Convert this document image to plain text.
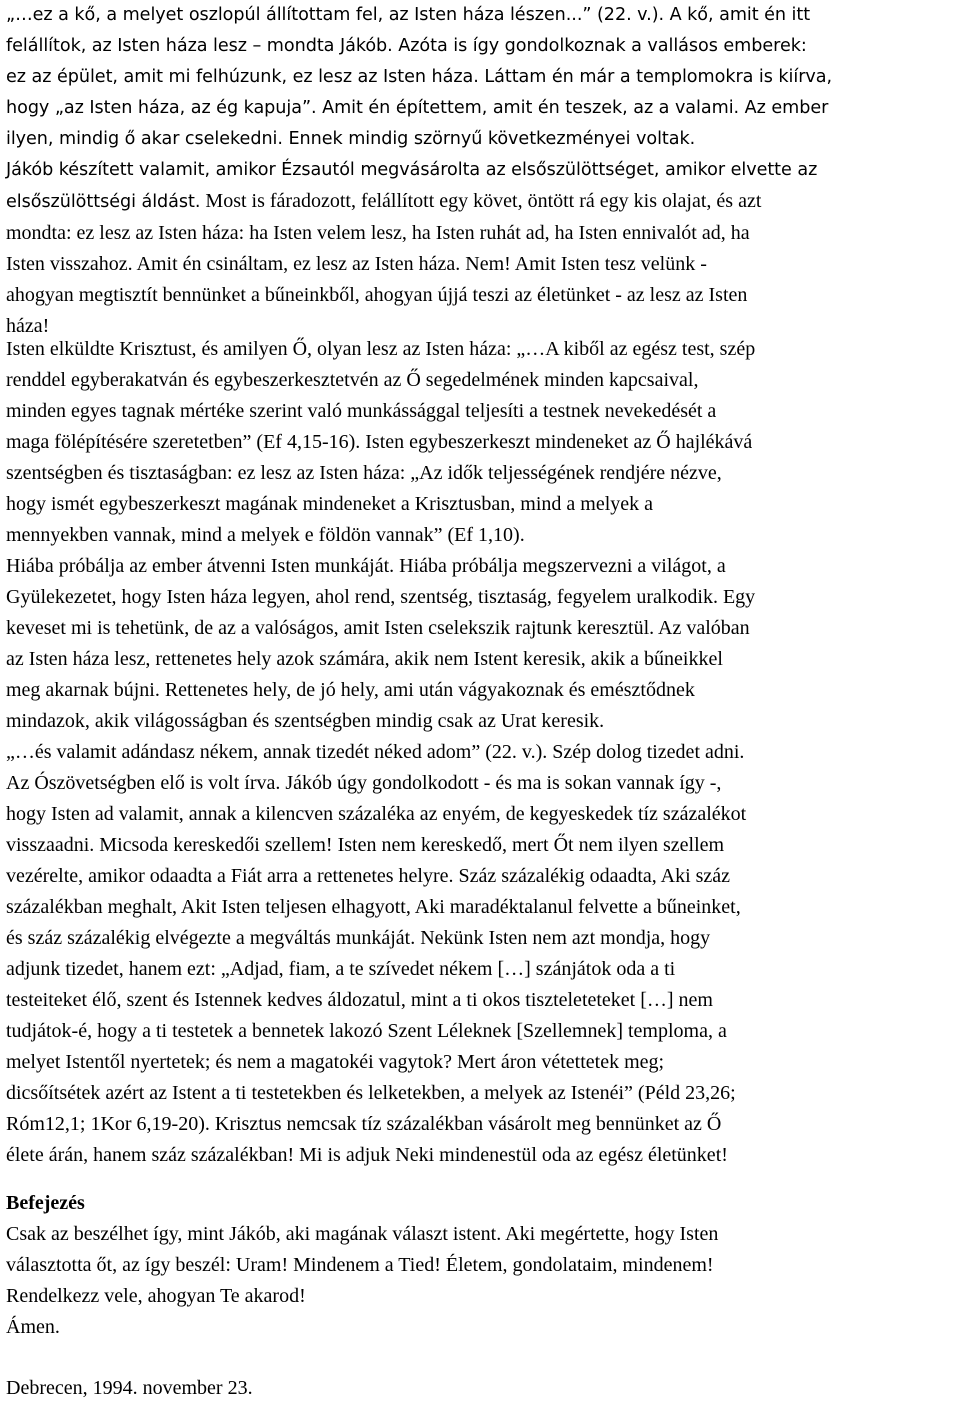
„…ez a kő, a melyet oszlopúl állítottam fel, az Isten háza lészen...” (22. v.). A kő, amit én itt
felállítok, az Isten háza lesz – mondta Jákób. Azóta is így gondolkoznak a vallásos emberek:
ez az épület, amit mi felhúzunk, ez lesz az Isten háza. Láttam én már a templomokra is kiírva,
hogy „az Isten háza, az ég kapuja”. Amit én építettem, amit én teszek, az a valami. Az ember
ilyen, mindig ő akar cselekedni. Ennek mindig szörnyű következményei voltak.
Jákób készített valamit, amikor Ézsautól megvásárolta az elsőszülöttséget, amikor elvette az
elsőszülöttségi áldást. Most is fáradozott, felállított egy követ, öntött rá egy kis olajat, és azt
mondta: ez lesz az Isten háza: ha Isten velem lesz, ha Isten ruhát ad, ha Isten ennivalót ad, ha
Isten visszahoz. Amit én csináltam, ez lesz az Isten háza. Nem! Amit Isten tesz velünk -
ahogyan megtisztít bennünket a bűneinkből, ahogyan újjá teszi az életünket - az lesz az Isten
háza!
Isten elküldte Krisztust, és amilyen Ő, olyan lesz az Isten háza: „…A kiből az egész test, szép
renddel egyberakatván és egybeszerkesztetvén az Ő segedelmének minden kapcsaival,
minden egyes tagnak mértéke szerint való munkássággal teljesíti a testnek nevekedését a
maga fölépítésére szeretetben” (Ef 4,15-16). Isten egybeszerkeszt mindeneket az Ő hajlékává
szentségben és tisztaságban: ez lesz az Isten háza: „Az idők teljességének rendjére nézve,
hogy ismét egybeszerkeszt magának mindeneket a Krisztusban, mind a melyek a
mennyekben vannak, mind a melyek e földön vannak” (Ef 1,10).
Hiába próbálja az ember átvenni Isten munkáját. Hiába próbálja megszervezni a világot, a
Gyülekezetet, hogy Isten háza legyen, ahol rend, szentség, tisztaság, fegyelem uralkodik. Egy
keveset mi is tehetünk, de az a valóságos, amit Isten cselekszik rajtunk keresztül. Az valóban
az Isten háza lesz, rettenetes hely azok számára, akik nem Istent keresik, akik a bűneikkel
meg akarnak bújni. Rettenetes hely, de jó hely, ami után vágyakoznak és emésztődnek
mindazok, akik világosságban és szentségben mindig csak az Urat keresik.
„…és valamit adándasz nékem, annak tizedét néked adom” (22. v.). Szép dolog tizedet adni.
Az Ószövetségben elő is volt írva. Jákób úgy gondolkodott - és ma is sokan vannak így -,
hogy Isten ad valamit, annak a kilencven százaléka az enyém, de kegyeskedek tíz százalékot
visszaadni. Micsoda kereskedői szellem! Isten nem kereskedő, mert Őt nem ilyen szellem
vezérelte, amikor odaadta a Fiát arra a rettenetes helyre. Száz százalékig odaadta, Aki száz
százalékban meghalt, Akit Isten teljesen elhagyott, Aki maradéktalanul felvette a bűneinket,
és száz százalékig elvégezte a megváltás munkáját. Nekünk Isten nem azt mondja, hogy
adjunk tizedet, hanem ezt: „Adjad, fiam, a te szívedet nékem […] szánjátok oda a ti
testeiteket élő, szent és Istennek kedves áldozatul, mint a ti okos tiszteleteteket […] nem
tudjátok-é, hogy a ti testetek a bennetek lakozó Szent Léleknek [Szellemnek] temploma, a
melyet Istentől nyertetek; és nem a magatokéi vagytok? Mert áron vétettetek meg;
dicsőítsétek azért az Istent a ti testetekben és lelketekben, a melyek az Istenéi” (Péld 23,26;
Róm12,1; 1Kor 6,19-20). Krisztus nemcsak tíz százalékban vásárolt meg bennünket az Ő
élete árán, hanem száz százalékban! Mi is adjuk Neki mindenestül oda az egész életünket!
Befejezés
Csak az beszélhet így, mint Jákób, aki magának választ istent. Aki megértette, hogy Isten
választotta őt, az így beszél: Uram! Mindenem a Tied! Életem, gondolataim, mindenem!
Rendelkezz vele, ahogyan Te akarod!
Ámen.
Debrecen, 1994. november 23.
